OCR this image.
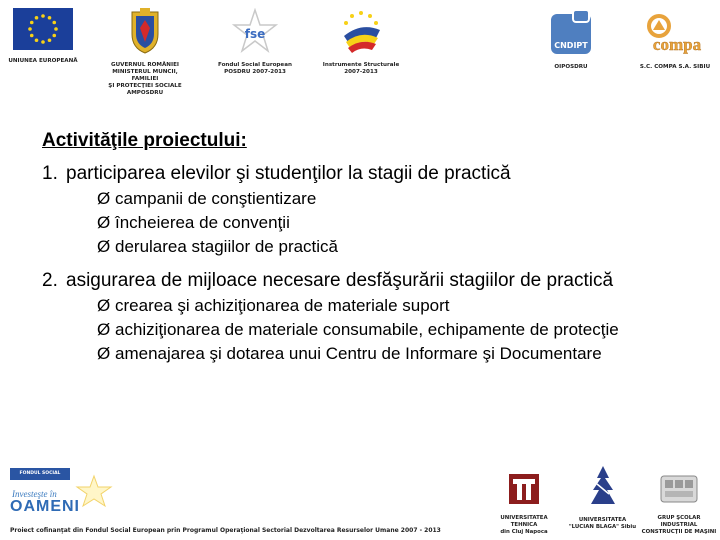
UNIUNEA EUROPEANĂ
GUVERNUL ROMÂNIEI
MINISTERUL MUNCII, FAMILIEI
ŞI PROTECŢIEI SOCIALE
AMPOSDRU
fse
Fondul Social European
POSDRU 2007-2013
Instrumente Structurale
2007-2013
CNDIPT
OIPOSDRU
compa
S.C. COMPA S.A. SIBIU
Activităţile proiectului:
1. participarea elevilor şi studenţilor la stagii de practică
Ø campanii de conştientizare
Ø încheierea de convenţii
Ø derularea stagiilor de practică
2. asigurarea de mijloace necesare desfăşurării stagiilor de practică
Ø crearea şi achiziţionarea de materiale suport
Ø achiziţionarea de materiale consumabile, echipamente de protecţie
Ø amenajarea şi dotarea unui Centru de Informare şi Documentare
FONDUL SOCIAL EUROPEAN
Investeşte în
OAMENI
Proiect cofinanţat din Fondul Social European prin Programul Operaţional Sectorial Dezvoltarea Resurselor Umane 2007 - 2013
UNIVERSITATEA TEHNICA
din Cluj Napoca
UNIVERSITATEA
"LUCIAN BLAGA" Sibiu
GRUP ŞCOLAR INDUSTRIAL
CONSTRUCŢII DE MAŞINI
